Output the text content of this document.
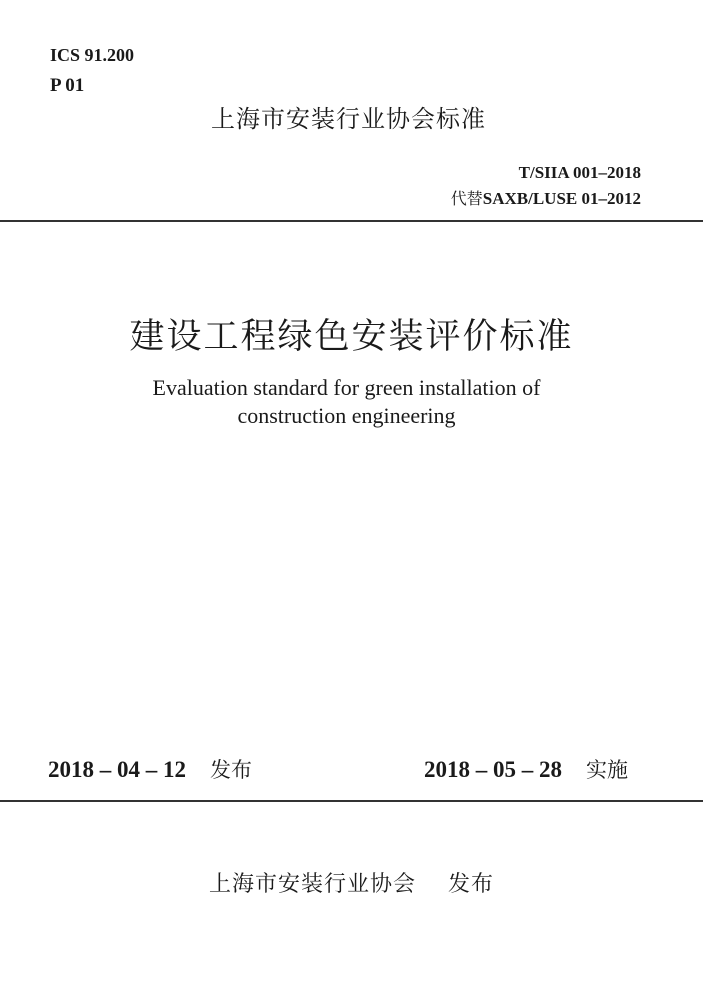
ICS 91.200
P 01
上海市安装行业协会标准
T/SIIA 001–2018
代替SAXB/LUSE 01–2012
建设工程绿色安装评价标准
Evaluation standard for green installation of
construction engineering
2018 – 04 – 12 发布	2018 – 05 – 28 实施
上海市安装行业协会 发布
